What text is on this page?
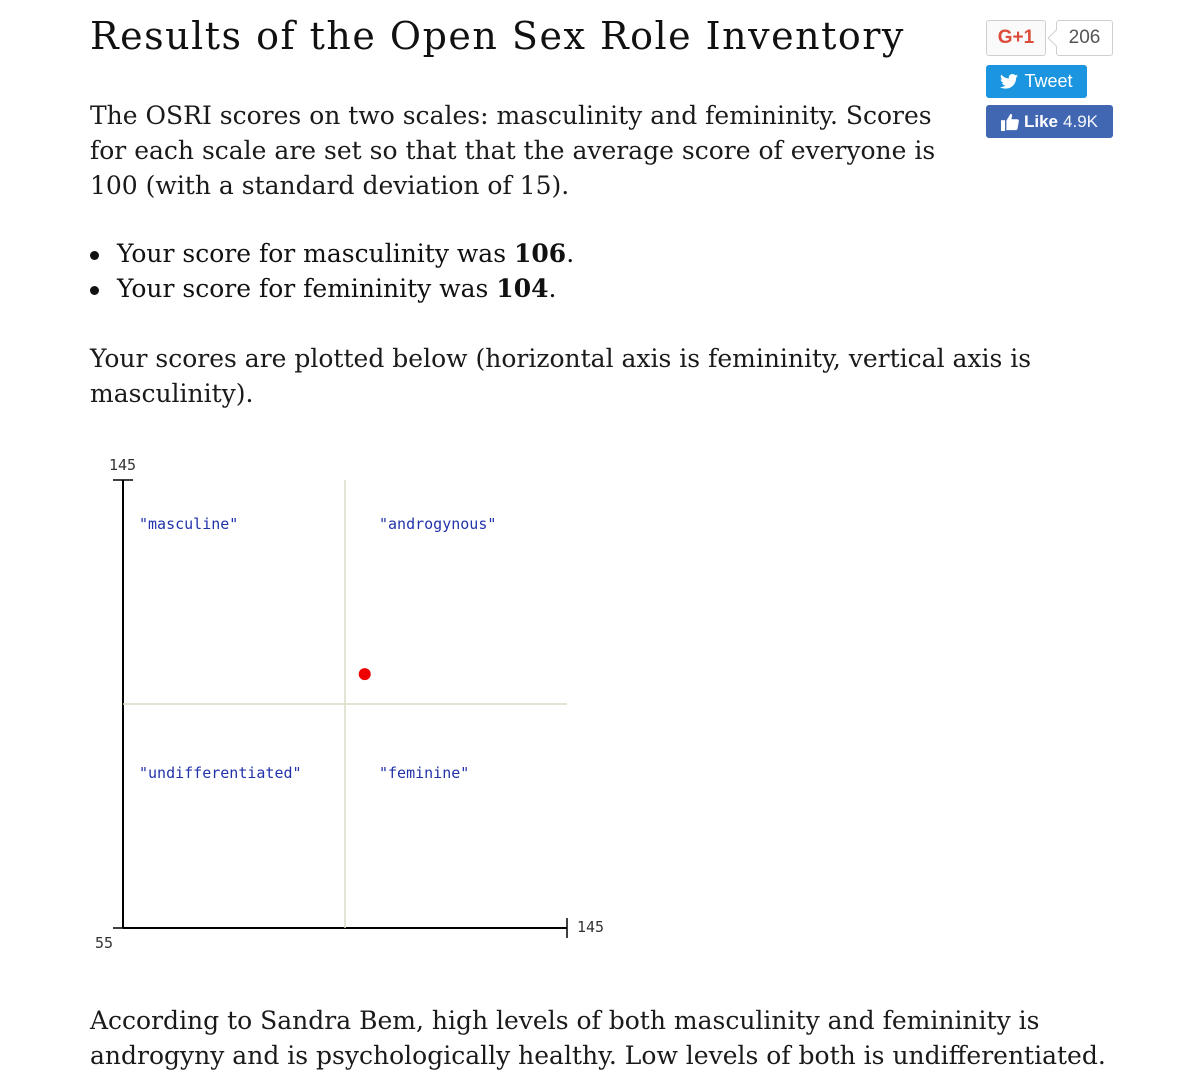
Results of the Open Sex Role Inventory	G+1	206
Tweet
Like 4.9K

The OSRI scores on two scales: masculinity and femininity. Scores for each scale are set so that that the average score of everyone is 100 (with a standard deviation of 15).

Your score for masculinity was 106.
Your score for femininity was 104.

Your scores are plotted below (horizontal axis is femininity, vertical axis is masculinity).

145
145
55
"masculine"	"androgynous"
"undifferentiated"	"feminine"

According to Sandra Bem, high levels of both masculinity and femininity is androgyny and is psychologically healthy. Low levels of both is undifferentiated.
